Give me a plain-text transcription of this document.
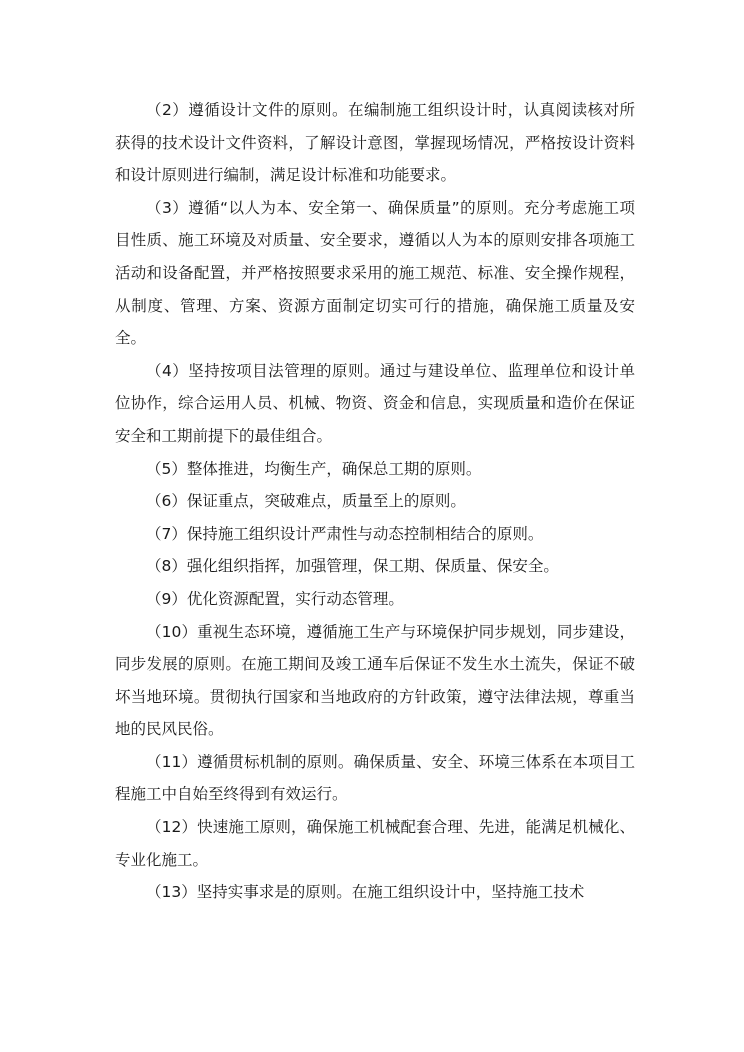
（2）遵循设计文件的原则。在编制施工组织设计时，认真阅读核对所获得的技术设计文件资料，了解设计意图，掌握现场情况，严格按设计资料和设计原则进行编制，满足设计标准和功能要求。

（3）遵循“以人为本、安全第一、确保质量”的原则。充分考虑施工项目性质、施工环境及对质量、安全要求，遵循以人为本的原则安排各项施工活动和设备配置，并严格按照要求采用的施工规范、标准、安全操作规程，从制度、管理、方案、资源方面制定切实可行的措施，确保施工质量及安全。

（4）坚持按项目法管理的原则。通过与建设单位、监理单位和设计单位协作，综合运用人员、机械、物资、资金和信息，实现质量和造价在保证安全和工期前提下的最佳组合。

（5）整体推进，均衡生产，确保总工期的原则。

（6）保证重点，突破难点，质量至上的原则。

（7）保持施工组织设计严肃性与动态控制相结合的原则。

（8）强化组织指挥，加强管理，保工期、保质量、保安全。

（9）优化资源配置，实行动态管理。

（10）重视生态环境，遵循施工生产与环境保护同步规划，同步建设，同步发展的原则。在施工期间及竣工通车后保证不发生水土流失，保证不破坏当地环境。贯彻执行国家和当地政府的方针政策，遵守法律法规，尊重当地的民风民俗。

（11）遵循贯标机制的原则。确保质量、安全、环境三体系在本项目工程施工中自始至终得到有效运行。

（12）快速施工原则，确保施工机械配套合理、先进，能满足机械化、专业化施工。

（13）坚持实事求是的原则。在施工组织设计中，坚持施工技术
